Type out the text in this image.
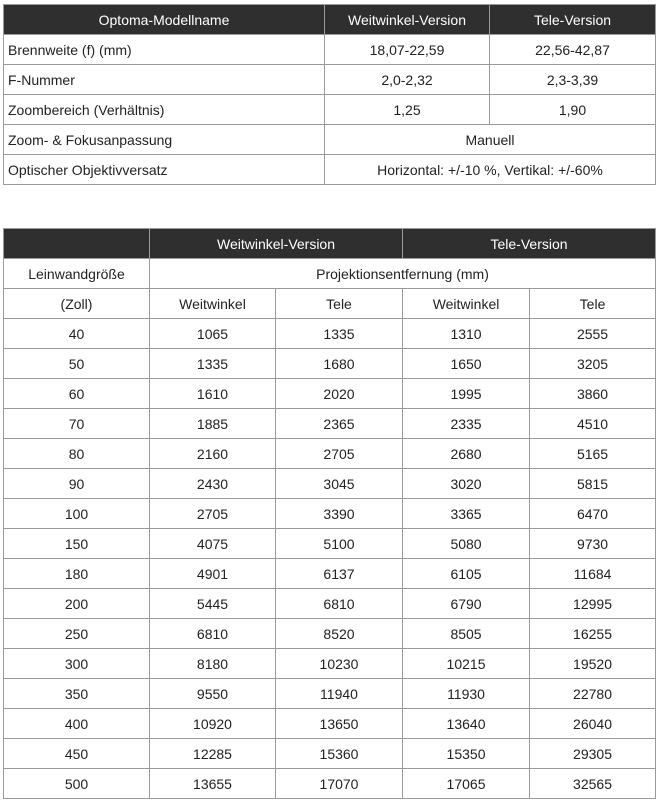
Optoma-Modellname	Weitwinkel-Version	Tele-Version
Brennweite (f) (mm)	18,07-22,59	22,56-42,87
F-Nummer	2,0-2,32	2,3-3,39
Zoombereich (Verhältnis)	1,25	1,90
Zoom- & Fokusanpassung	Manuell	
Optischer Objektivversatz	Horizontal: +/-10 %, Vertikal: +/-60%	
	Weitwinkel-Version		Tele-Version	
Leinwandgröße	Projektionsentfernung (mm)			
(Zoll)	Weitwinkel	Tele	Weitwinkel	Tele
40	1065	1335	1310	2555
50	1335	1680	1650	3205
60	1610	2020	1995	3860
70	1885	2365	2335	4510
80	2160	2705	2680	5165
90	2430	3045	3020	5815
100	2705	3390	3365	6470
150	4075	5100	5080	9730
180	4901	6137	6105	11684
200	5445	6810	6790	12995
250	6810	8520	8505	16255
300	8180	10230	10215	19520
350	9550	11940	11930	22780
400	10920	13650	13640	26040
450	12285	15360	15350	29305
500	13655	17070	17065	32565
